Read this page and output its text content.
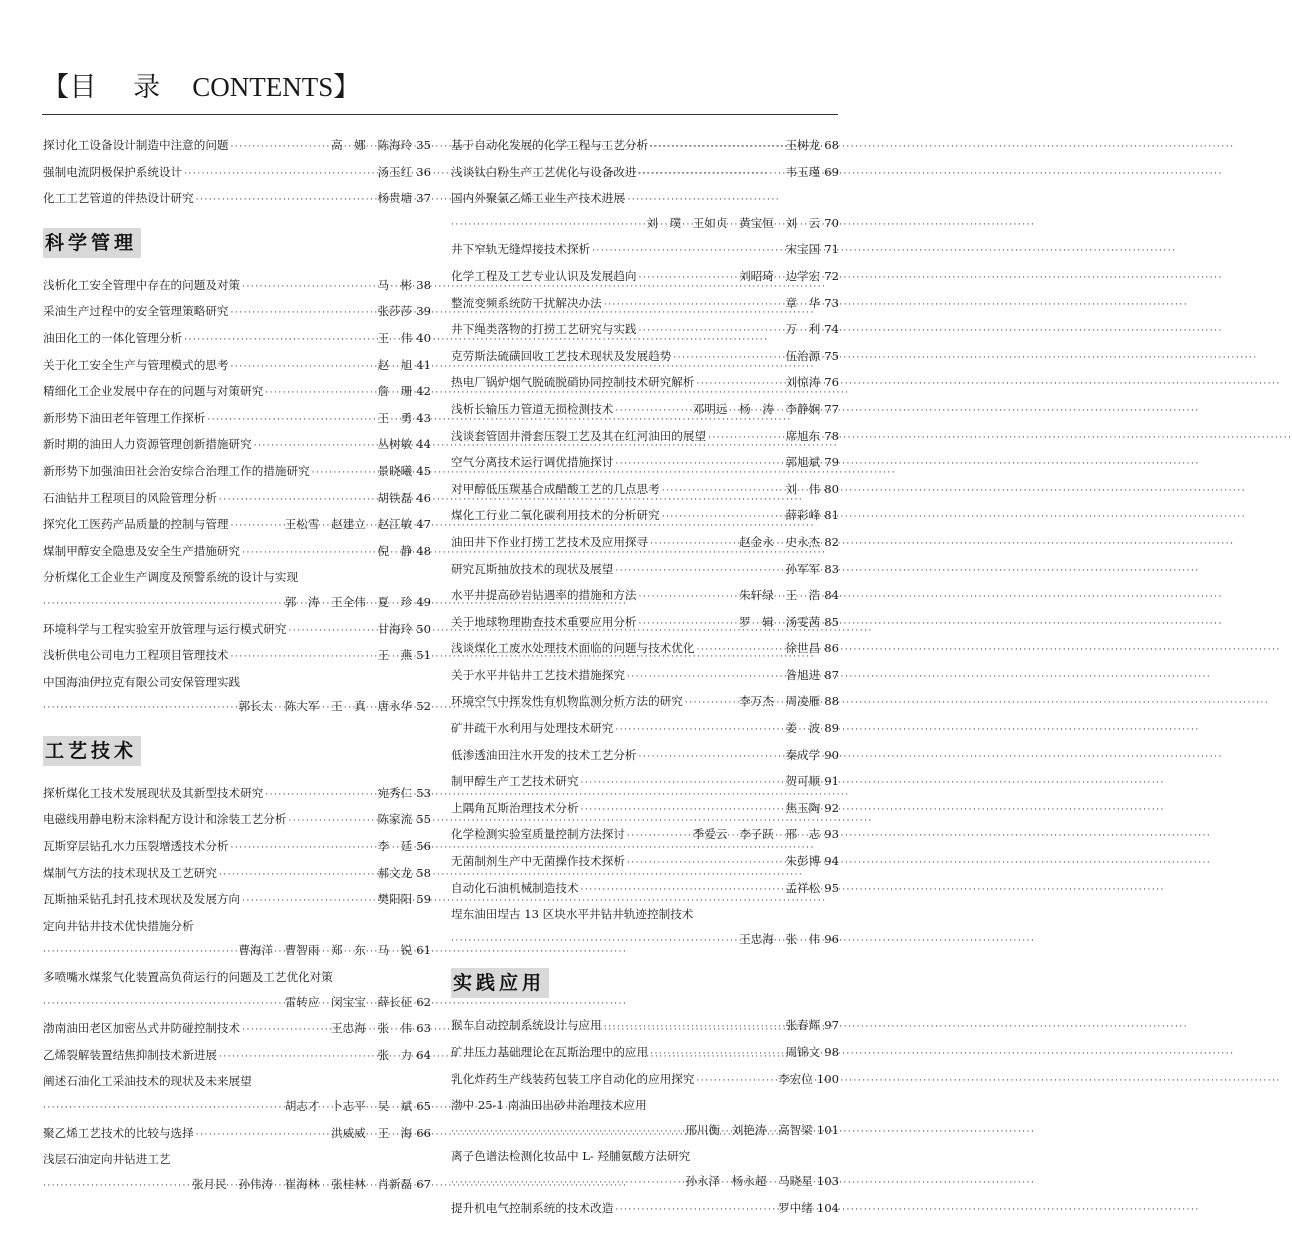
【目 录 CONTENTS】
探讨化工设备设计制造中注意的问题 ·····	高　娜　陈海玲 35
强制电流阴极保护系统设计 ·····	汤玉红 36
化工工艺管道的伴热设计研究 ·····	杨贵塘 37
科学管理
浅析化工安全管理中存在的问题及对策 ·····	马　彬 38
采油生产过程中的安全管理策略研究 ·····	张莎莎 39
油田化工的一体化管理分析 ·····	王　伟 40
关于化工安全生产与管理模式的思考 ·····	赵　旭 41
精细化工企业发展中存在的问题与对策研究 ·····	詹　珊 42
新形势下油田老年管理工作探析 ·····	王　勇 43
新时期的油田人力资源管理创新措施研究 ·····	丛树敏 44
新形势下加强油田社会治安综合治理工作的措施研究 ·····	景晓曦 45
石油钻井工程项目的风险管理分析 ·····	胡铁磊 46
探究化工医药产品质量的控制与管理 ·····	王松雪　赵建立　赵江敏 47
煤制甲醇安全隐患及安全生产措施研究 ·····	倪　静 48
分析煤化工企业生产调度及预警系统的设计与实现
·····
郭　涛　王全伟　夏　珍 49
环境科学与工程实验室开放管理与运行模式研究 ·····	甘海玲 50
浅析供电公司电力工程项目管理技术 ·····	王　燕 51
中国海油伊拉克有限公司安保管理实践
·····
郭长太　陈大军　王　真　唐永华 52
工艺技术
探析煤化工技术发展现状及其新型技术研究 ·····	宛秀仁 53
电磁线用静电粉末涂料配方设计和涂装工艺分析 ·····	陈家流 55
瓦斯穿层钻孔水力压裂增透技术分析 ·····	李　廷 56
煤制气方法的技术现状及工艺研究 ·····	郝文龙 58
瓦斯抽采钻孔封孔技术现状及发展方向 ·····	樊阳阳 59
定向井钻井技术优快措施分析
·····
曹海洋　曹智雨　郑　东　马　锐 61
多喷嘴水煤浆气化装置高负荷运行的问题及工艺优化对策
·····
雷转应　闵宝宝　薛长征 62
渤南油田老区加密丛式井防碰控制技术 ·····	王忠海　张　伟 63
乙烯裂解装置结焦抑制技术新进展 ·····	张　力 64
阐述石油化工采油技术的现状及未来展望
·····
胡志才　卜志平　吴　斌 65
聚乙烯工艺技术的比较与选择 ·····	洪威威　王　海 66
浅层石油定向井钻进工艺
·····
张月民　孙伟涛　崔海林　张桂林　肖新磊 67
基于自动化发展的化学工程与工艺分析 ·····	王树龙 68
浅谈钛白粉生产工艺优化与设备改进 ·····	韦玉瑾 69
国内外聚氯乙烯工业生产技术进展
·····
刘　璞　王如贞　黄宝恒　刘　云 70
井下窄轨无缝焊接技术探析 ·····	宋宝国 71
化学工程及工艺专业认识及发展趋向 ·····	刘昭琦　边学宏 72
整流变频系统防干扰解决办法 ·····	章　华 73
井下绳类落物的打捞工艺研究与实践 ·····	万　利 74
克劳斯法硫磺回收工艺技术现状及发展趋势 ·····	伍治源 75
热电厂锅炉烟气脱硫脱硝协同控制技术研究解析 ·····	刘惊涛 76
浅析长输压力管道无损检测技术 ·····	邓明远　杨　涛　李静娴 77
浅谈套管固井滑套压裂工艺及其在红河油田的展望 ·····	席旭东 78
空气分离技术运行调优措施探讨 ·····	郭旭斌 79
对甲醇低压羰基合成醋酸工艺的几点思考 ·····	刘　伟 80
煤化工行业二氧化碳利用技术的分析研究 ·····	薛彩峰 81
油田井下作业打捞工艺技术及应用探寻 ·····	赵金永　史永杰 82
研究瓦斯抽放技术的现状及展望 ·····	孙军军 83
水平井提高砂岩钻遇率的措施和方法 ·····	朱轩绿　王　浩 84
关于地球物理勘查技术重要应用分析 ·····	罗　辑　汤雯茜 85
浅谈煤化工废水处理技术面临的问题与技术优化 ·····	徐世昌 86
关于水平井钻井工艺技术措施探究 ·····	昝旭进 87
环境空气中挥发性有机物监测分析方法的研究 ·····	李万杰　周凌雁 88
矿井疏干水利用与处理技术研究 ·····	姜　波 89
低渗透油田注水开发的技术工艺分析 ·····	秦成学 90
制甲醇生产工艺技术研究 ·····	贺可顺 91
上隅角瓦斯治理技术分析 ·····	焦玉陶 92
化学检测实验室质量控制方法探讨 ·····	季爱云　李子跃　邢　志 93
无菌制剂生产中无菌操作技术探析 ·····	朱彭博 94
自动化石油机械制造技术 ·····	孟祥松 95
埕东油田埕古 13 区块水平井钻井轨迹控制技术
·····
王忠海　张　伟 96
实践应用
猴车自动控制系统设计与应用 ·····	张春辉 97
矿井压力基础理论在瓦斯治理中的应用 ·····	周锦文 98
乳化炸药生产线装药包装工序自动化的应用探究 ·····	李宏位 100
渤中 25-1 南油田出砂井治理技术应用
·····
邢川衡　刘艳涛　高智梁 101
离子色谱法检测化妆品中 L- 羟脯氨酸方法研究
·····
孙永泽　杨永超　马晓星 103
提升机电气控制系统的技术改造 ·····	罗中绪 104
